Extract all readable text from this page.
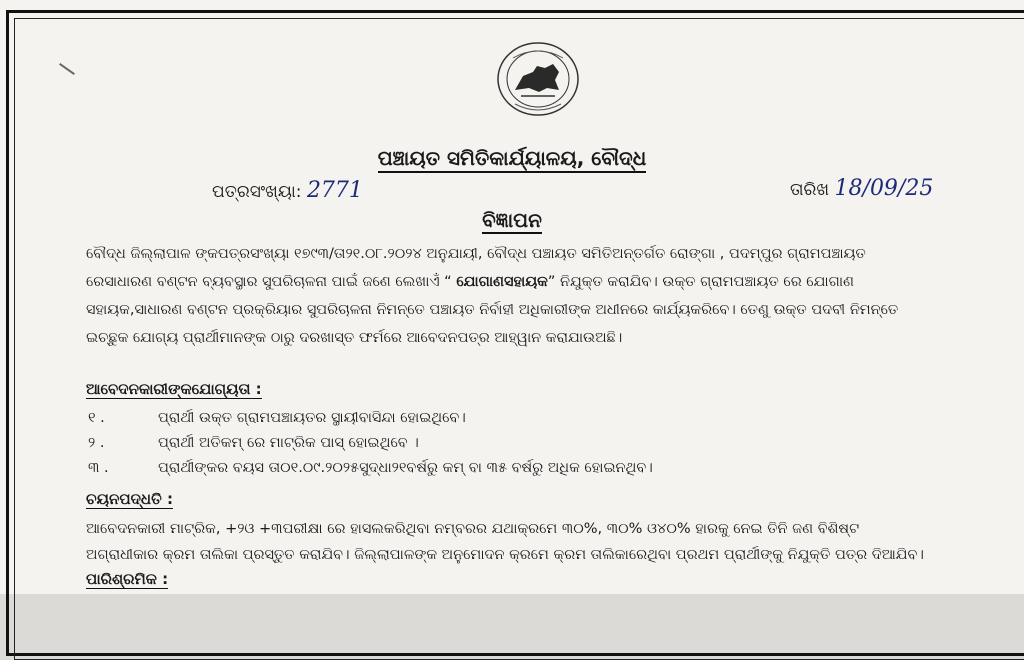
ପଞ୍ଚାୟତ ସମିତିକାର୍ଯ୍ୟାଳୟ, ବୌଦ୍ଧ
ପତ୍ରସଂଖ୍ୟା: 2771	ତାରିଖ 18/09/25
ବିଜ୍ଞାପନ

ବୌଦ୍ଧ ଜିଲ୍ଲାପାଳ ଙ୍କପତ୍ରସଂଖ୍ୟା ୧୭୯୩/ତା୨୧.୦୮.୨୦୨୪ ଅନୁଯାୟୀ, ବୌଦ୍ଧ ପଞ୍ଚାୟତ ସମିତିଅନ୍ତର୍ଗତ ରୋଙ୍ଗା , ପଦମ୍ପୁର ଗ୍ରାମପଞ୍ଚାୟତ

ରେସାଧାରଣ ବଣ୍ଟନ ବ୍ୟବସ୍ଥାର ସୁପରିଚାଳନା ପାଇଁ ଜଣେ ଲେଖାଏଁ “ ଯୋଗାଣସହାୟକ” ନିଯୁକ୍ତ କରାଯିବ। ଉକ୍ତ ଗ୍ରାମପଞ୍ଚାୟତ ରେ ଯୋଗାଣ

ସହାୟକ,ସାଧାରଣ ବଣ୍ଟନ ପ୍ରକ୍ରିୟାର ସୁପରିଚାଳନା ନିମନ୍ତେ ପଞ୍ଚାୟତ ନିର୍ବାହୀ ଅଧିକାରୀଙ୍କ ଅଧୀନରେ କାର୍ଯ୍ୟକରିବେ। ତେଣୁ ଉକ୍ତ ପଦବୀ ନିମନ୍ତେ

ଇଚ୍ଛୁକ ଯୋଗ୍ୟ ପ୍ରାର୍ଥୀମାନଙ୍କ ଠାରୁ ଦରଖାସ୍ତ ଫର୍ମରେ ଆବେଦନପତ୍ର ଆହ୍ୱାନ କରାଯାଉଅଛି।

ଆବେଦନକାରୀଙ୍କଯୋଗ୍ୟତା :
୧ .	ପ୍ରାର୍ଥୀ ଉକ୍ତ ଗ୍ରାମପଞ୍ଚାୟତର ସ୍ଥାୟୀବାସିନ୍ଦା ହୋଇଥିବେ।
୨ .	ପ୍ରାର୍ଥୀ ଅତିକମ୍ ରେ ମାଟ୍ରିକ ପାସ୍ ହୋଇଥିବେ ।
୩ .	ପ୍ରାର୍ଥୀଙ୍କର ବୟସ ତା୦୧.୦୯.୨୦୨୫ସୁଦ୍ଧା୨୧ବର୍ଷରୁ କମ୍ ବା ୩୫ ବର୍ଷରୁ ଅଧିକ ହୋଇନଥିବ।
ଚୟନପଦ୍ଧତି :

ଆବେଦନକାରୀ ମାଟ୍ରିକ, +୨ଓ +୩ପରୀକ୍ଷା ରେ ହାସଲକରିଥିବା ନମ୍ବରର ଯଥାକ୍ରମେ ୩୦%, ୩୦% ଓ୪୦% ହାରକୁ ନେଇ ତିନି ଜଣ ବିଶିଷ୍ଟ

ଅଗ୍ରାଧୀକାର କ୍ରମ ତାଲିକା ପ୍ରସ୍ତୁତ କରାଯିବ। ଜିଲ୍ଲାପାଳଙ୍କ ଅନୁମୋଦନ କ୍ରମେ କ୍ରମ ତାଲିକାରେଥିବା ପ୍ରଥମ ପ୍ରାର୍ଥୀଙ୍କୁ ନିଯୁକ୍ତି ପତ୍ର ଦିଆଯିବ।

ପାରିଶ୍ରମିକ :
